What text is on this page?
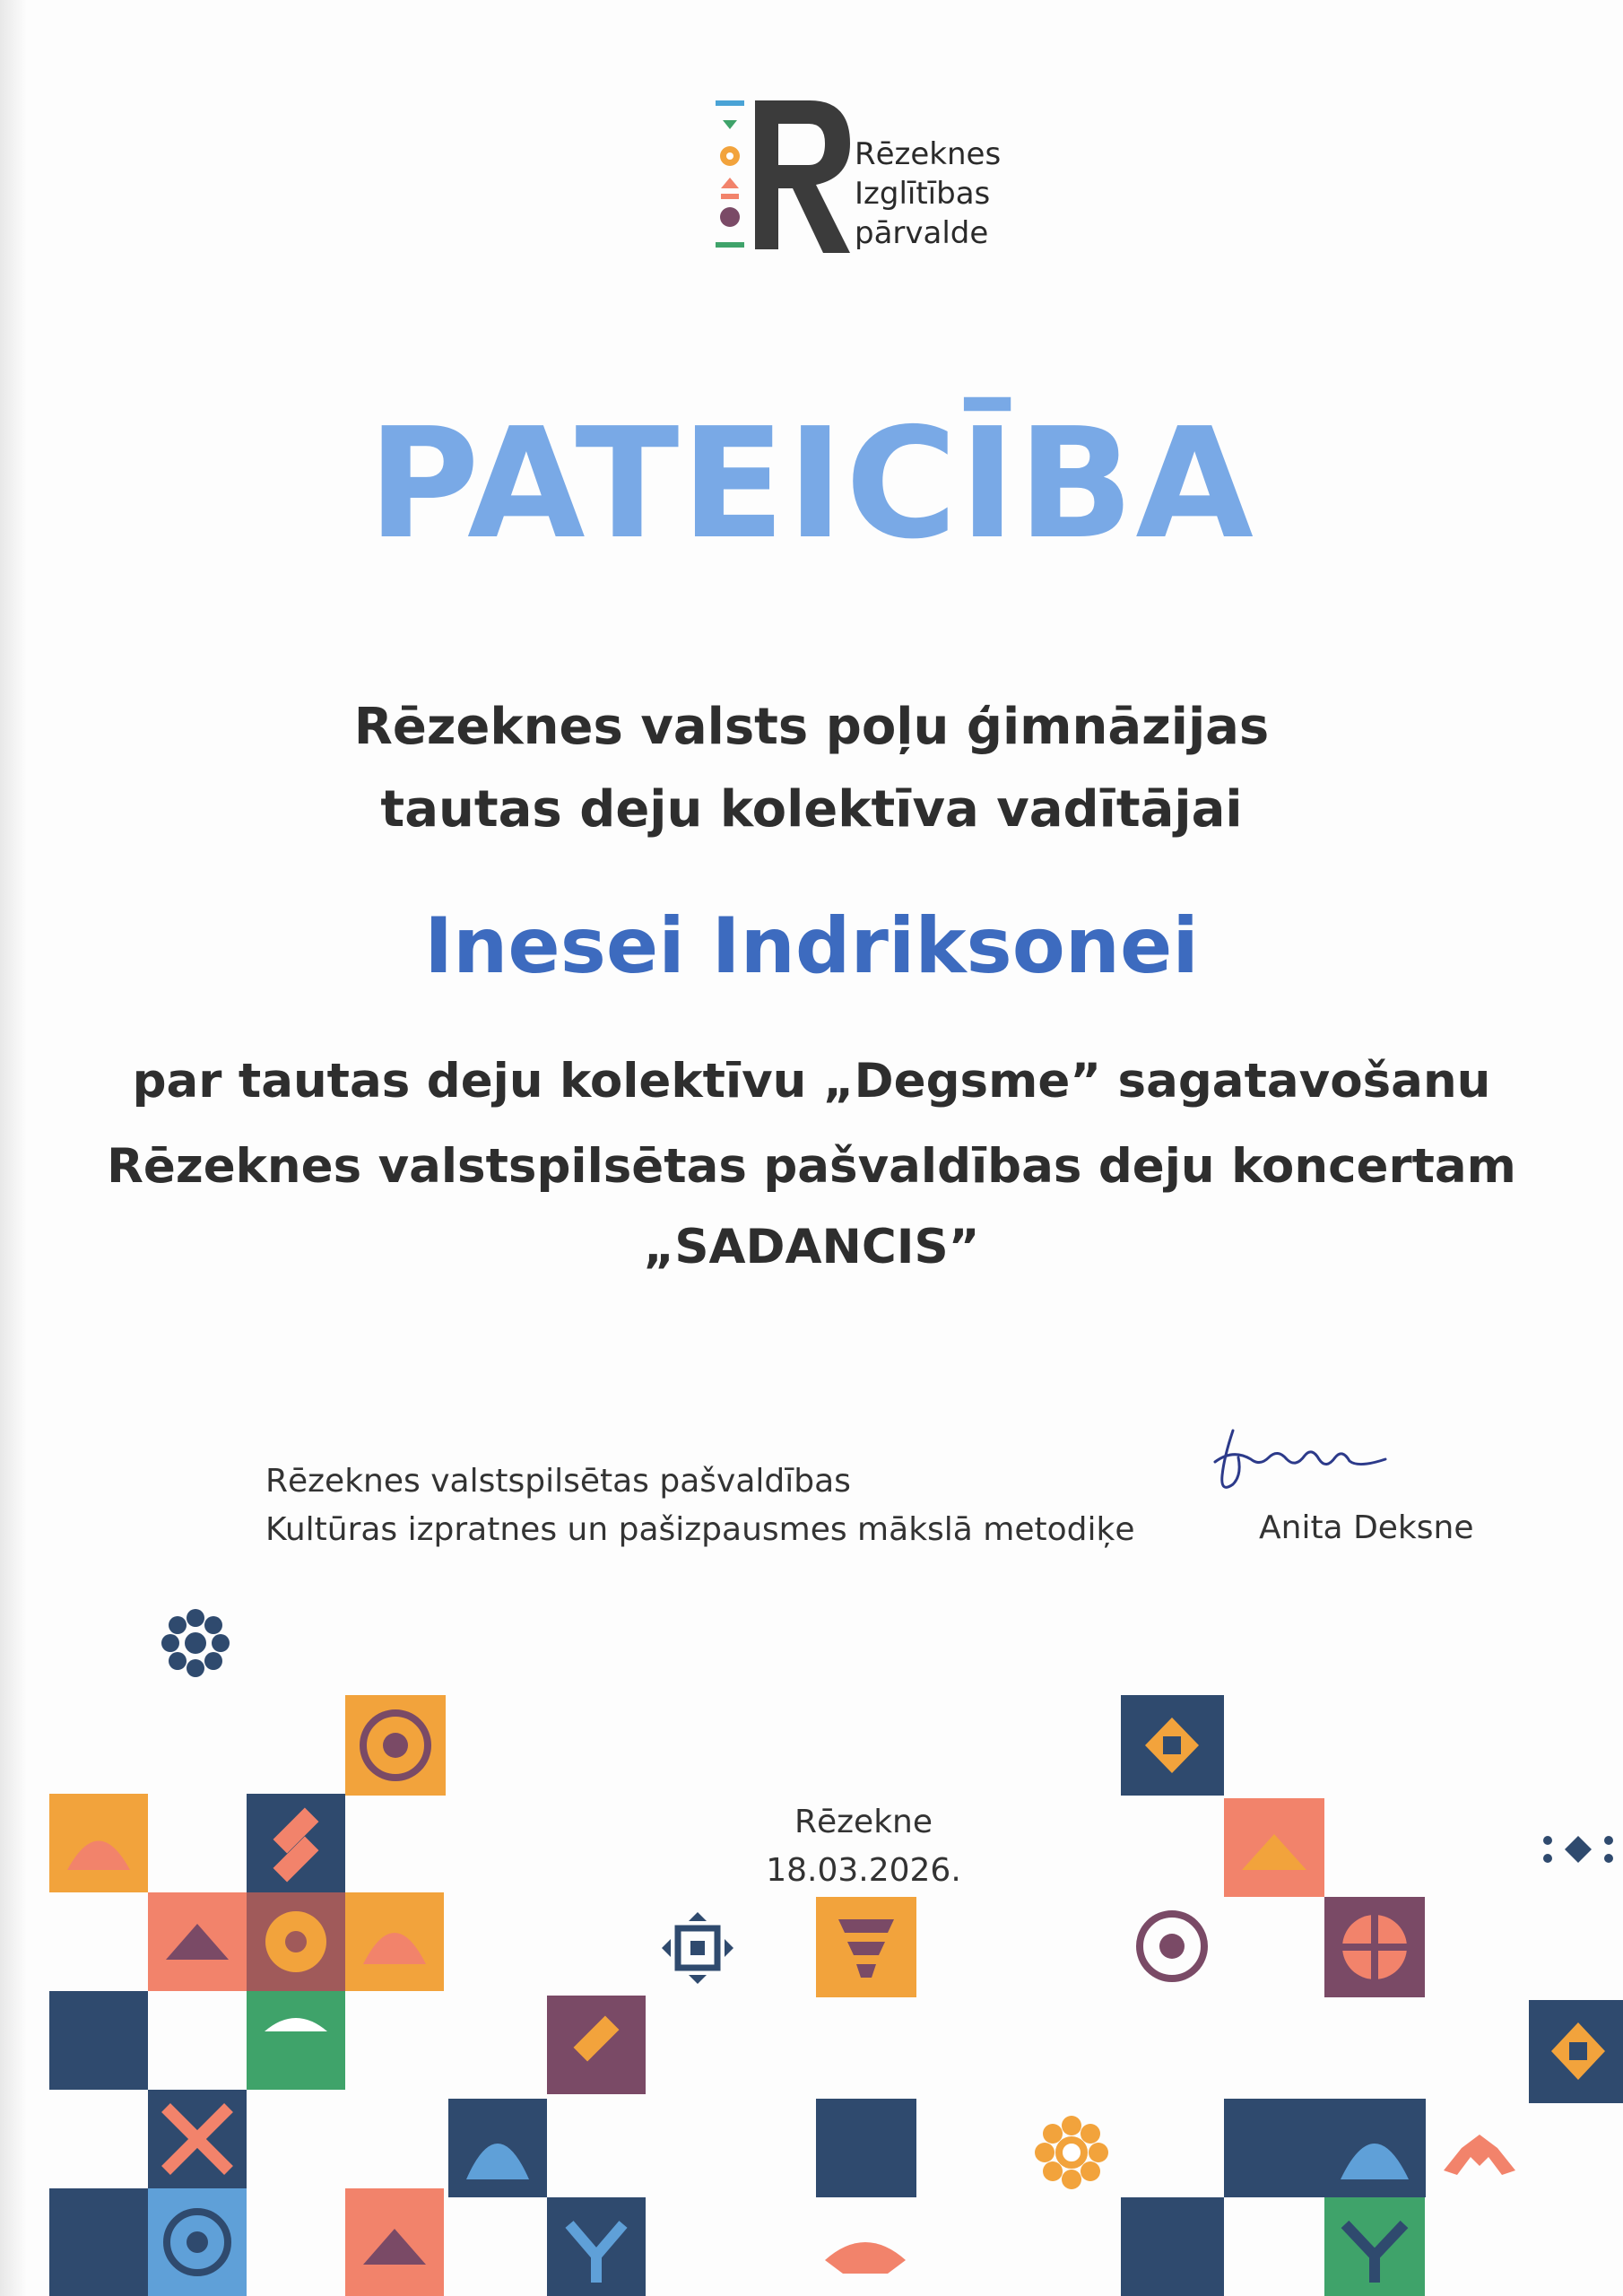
Rēzeknes
Izglītības
pārvalde
PATEICĪBA
Rēzeknes valsts poļu ģimnāzijas
tautas deju kolektīva vadītājai
Inesei Indriksonei
par tautas deju kolektīvu „Degsme” sagatavošanu
Rēzeknes valstspilsētas pašvaldības deju koncertam
„SADANCIS”
Rēzeknes valstspilsētas pašvaldības
Kultūras izpratnes un pašizpausmes mākslā metodiķe	Anita Deksne
Rēzekne
18.03.2026.
